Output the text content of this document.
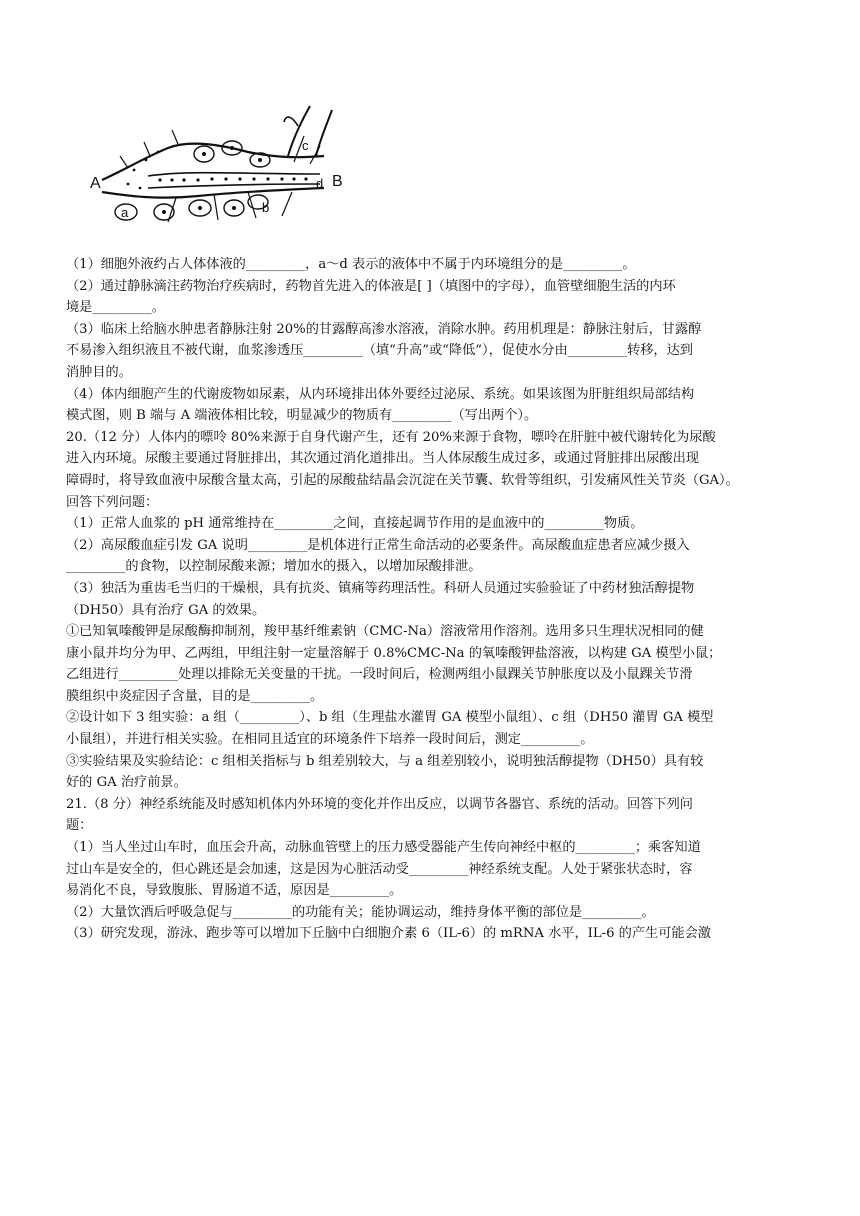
A	B
a	b
c
d
（1）细胞外液约占人体体液的_________，a～d 表示的液体中不属于内环境组分的是_________。
（2）通过静脉滴注药物治疗疾病时，药物首先进入的体液是[ ]（填图中的字母），血管壁细胞生活的内环
境是_________。
（3）临床上给脑水肿患者静脉注射 20%的甘露醇高渗水溶液，消除水肿。药用机理是：静脉注射后，甘露醇
不易渗入组织液且不被代谢，血浆渗透压_________（填“升高”或“降低”），促使水分由_________转移，达到
消肿目的。
（4）体内细胞产生的代谢废物如尿素，从内环境排出体外要经过泌尿、系统。如果该图为肝脏组织局部结构
模式图，则 B 端与 A 端液体相比较，明显减少的物质有_________（写出两个）。
20.（12 分）人体内的嘌呤 80%来源于自身代谢产生，还有 20%来源于食物，嘌呤在肝脏中被代谢转化为尿酸
进入内环境。尿酸主要通过肾脏排出，其次通过消化道排出。当人体尿酸生成过多，或通过肾脏排出尿酸出现
障碍时，将导致血液中尿酸含量太高，引起的尿酸盐结晶会沉淀在关节囊、软骨等组织，引发痛风性关节炎（GA）。
回答下列问题：
（1）正常人血浆的 pH 通常维持在_________之间，直接起调节作用的是血液中的_________物质。
（2）高尿酸血症引发 GA 说明_________是机体进行正常生命活动的必要条件。高尿酸血症患者应减少摄入
_________的食物，以控制尿酸来源；增加水的摄入，以增加尿酸排泄。
（3）独活为重齿毛当归的干燥根，具有抗炎、镇痛等药理活性。科研人员通过实验验证了中药材独活醇提物
（DH50）具有治疗 GA 的效果。
①已知氧嗪酸钾是尿酸酶抑制剂，羧甲基纤维素钠（CMC-Na）溶液常用作溶剂。选用多只生理状况相同的健
康小鼠并均分为甲、乙两组，甲组注射一定量溶解于 0.8%CMC-Na 的氧嗪酸钾盐溶液，以构建 GA 模型小鼠；
乙组进行_________处理以排除无关变量的干扰。一段时间后，检测两组小鼠踝关节肿胀度以及小鼠踝关节滑
膜组织中炎症因子含量，目的是_________。
②设计如下 3 组实验：a 组（_________）、b 组（生理盐水灌胃 GA 模型小鼠组）、c 组（DH50 灌胃 GA 模型
小鼠组），并进行相关实验。在相同且适宜的环境条件下培养一段时间后，测定_________。
③实验结果及实验结论：c 组相关指标与 b 组差别较大，与 a 组差别较小，说明独活醇提物（DH50）具有较
好的 GA 治疗前景。
21.（8 分）神经系统能及时感知机体内外环境的变化并作出反应，以调节各器官、系统的活动。回答下列问
题：
（1）当人坐过山车时，血压会升高，动脉血管壁上的压力感受器能产生传向神经中枢的_________；乘客知道
过山车是安全的，但心跳还是会加速，这是因为心脏活动受_________神经系统支配。人处于紧张状态时，容
易消化不良，导致腹胀、胃肠道不适，原因是_________。
（2）大量饮酒后呼吸急促与_________的功能有关；能协调运动，维持身体平衡的部位是_________。
（3）研究发现，游泳、跑步等可以增加下丘脑中白细胞介素 6（IL-6）的 mRNA 水平，IL-6 的产生可能会激
